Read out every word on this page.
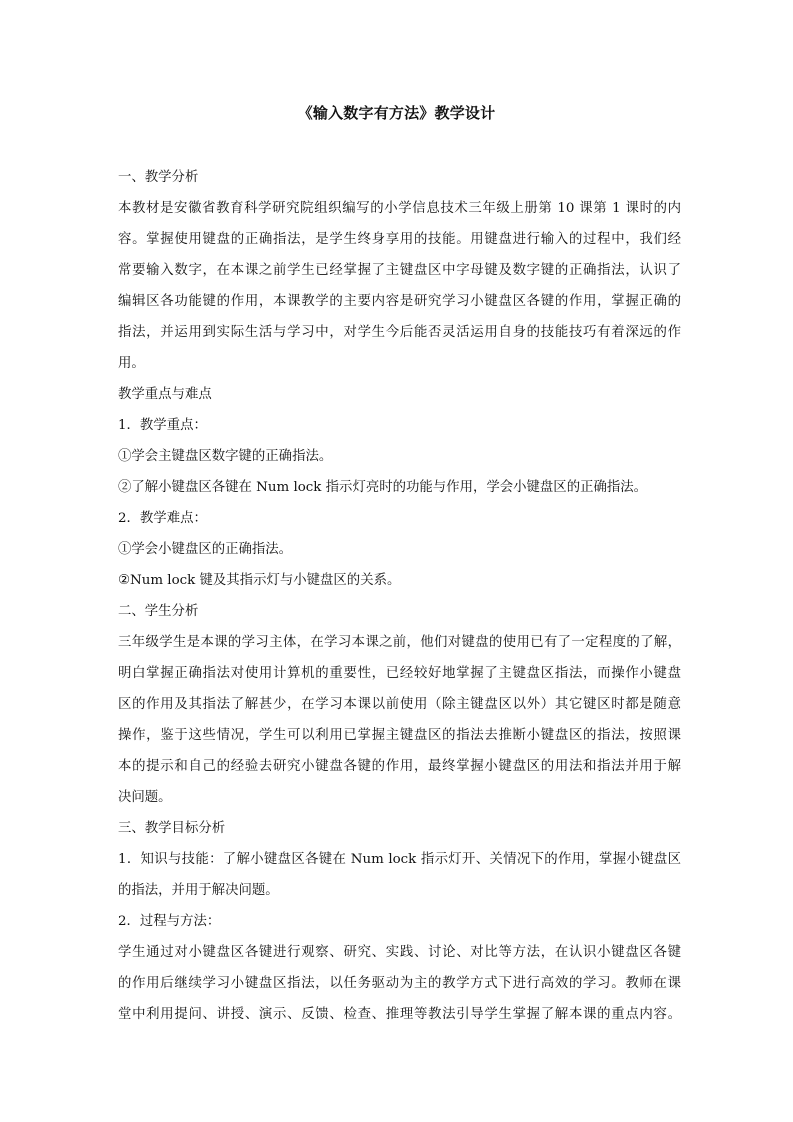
《输入数字有方法》教学设计
一、教学分析
本教材是安徽省教育科学研究院组织编写的小学信息技术三年级上册第 10 课第 1 课时的内
容。掌握使用键盘的正确指法，是学生终身享用的技能。用键盘进行输入的过程中，我们经
常要输入数字，在本课之前学生已经掌握了主键盘区中字母键及数字键的正确指法，认识了
编辑区各功能键的作用，本课教学的主要内容是研究学习小键盘区各键的作用，掌握正确的
指法，并运用到实际生活与学习中，对学生今后能否灵活运用自身的技能技巧有着深远的作
用。
教学重点与难点
1．教学重点：
①学会主键盘区数字键的正确指法。
②了解小键盘区各键在 Num lock 指示灯亮时的功能与作用，学会小键盘区的正确指法。
2．教学难点：
①学会小键盘区的正确指法。
②Num lock 键及其指示灯与小键盘区的关系。
二、学生分析
三年级学生是本课的学习主体，在学习本课之前，他们对键盘的使用已有了一定程度的了解，
明白掌握正确指法对使用计算机的重要性，已经较好地掌握了主键盘区指法，而操作小键盘
区的作用及其指法了解甚少，在学习本课以前使用（除主键盘区以外）其它键区时都是随意
操作，鉴于这些情况，学生可以利用已掌握主键盘区的指法去推断小键盘区的指法，按照课
本的提示和自己的经验去研究小键盘各键的作用，最终掌握小键盘区的用法和指法并用于解
决问题。
三、教学目标分析
1．知识与技能：了解小键盘区各键在 Num lock 指示灯开、关情况下的作用，掌握小键盘区
的指法，并用于解决问题。
2．过程与方法：
学生通过对小键盘区各键进行观察、研究、实践、讨论、对比等方法，在认识小键盘区各键
的作用后继续学习小键盘区指法，以任务驱动为主的教学方式下进行高效的学习。教师在课
堂中利用提问、讲授、演示、反馈、检查、推理等教法引导学生掌握了解本课的重点内容。
